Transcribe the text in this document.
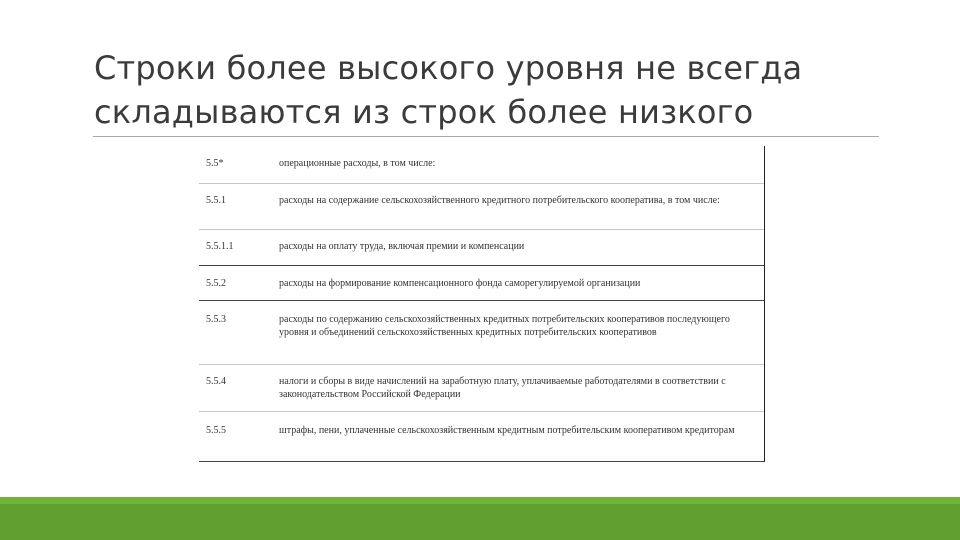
Строки более высокого уровня не всегда
складываются из строк более низкого
5.5*	операционные расходы, в том числе:
5.5.1	расходы на содержание сельскохозяйственного кредитного потребительского кооператива, в том числе:
5.5.1.1	расходы на оплату труда, включая премии и компенсации
5.5.2	расходы на формирование компенсационного фонда саморегулируемой организации
5.5.3	расходы по содержанию сельскохозяйственных кредитных потребительских кооперативов последующего уровня и объединений сельскохозяйственных кредитных потребительских кооперативов
5.5.4	налоги и сборы в виде начислений на заработную плату, уплачиваемые работодателями в соответствии с законодательством Российской Федерации
5.5.5	штрафы, пени, уплаченные сельскохозяйственным кредитным потребительским кооперативом кредиторам
